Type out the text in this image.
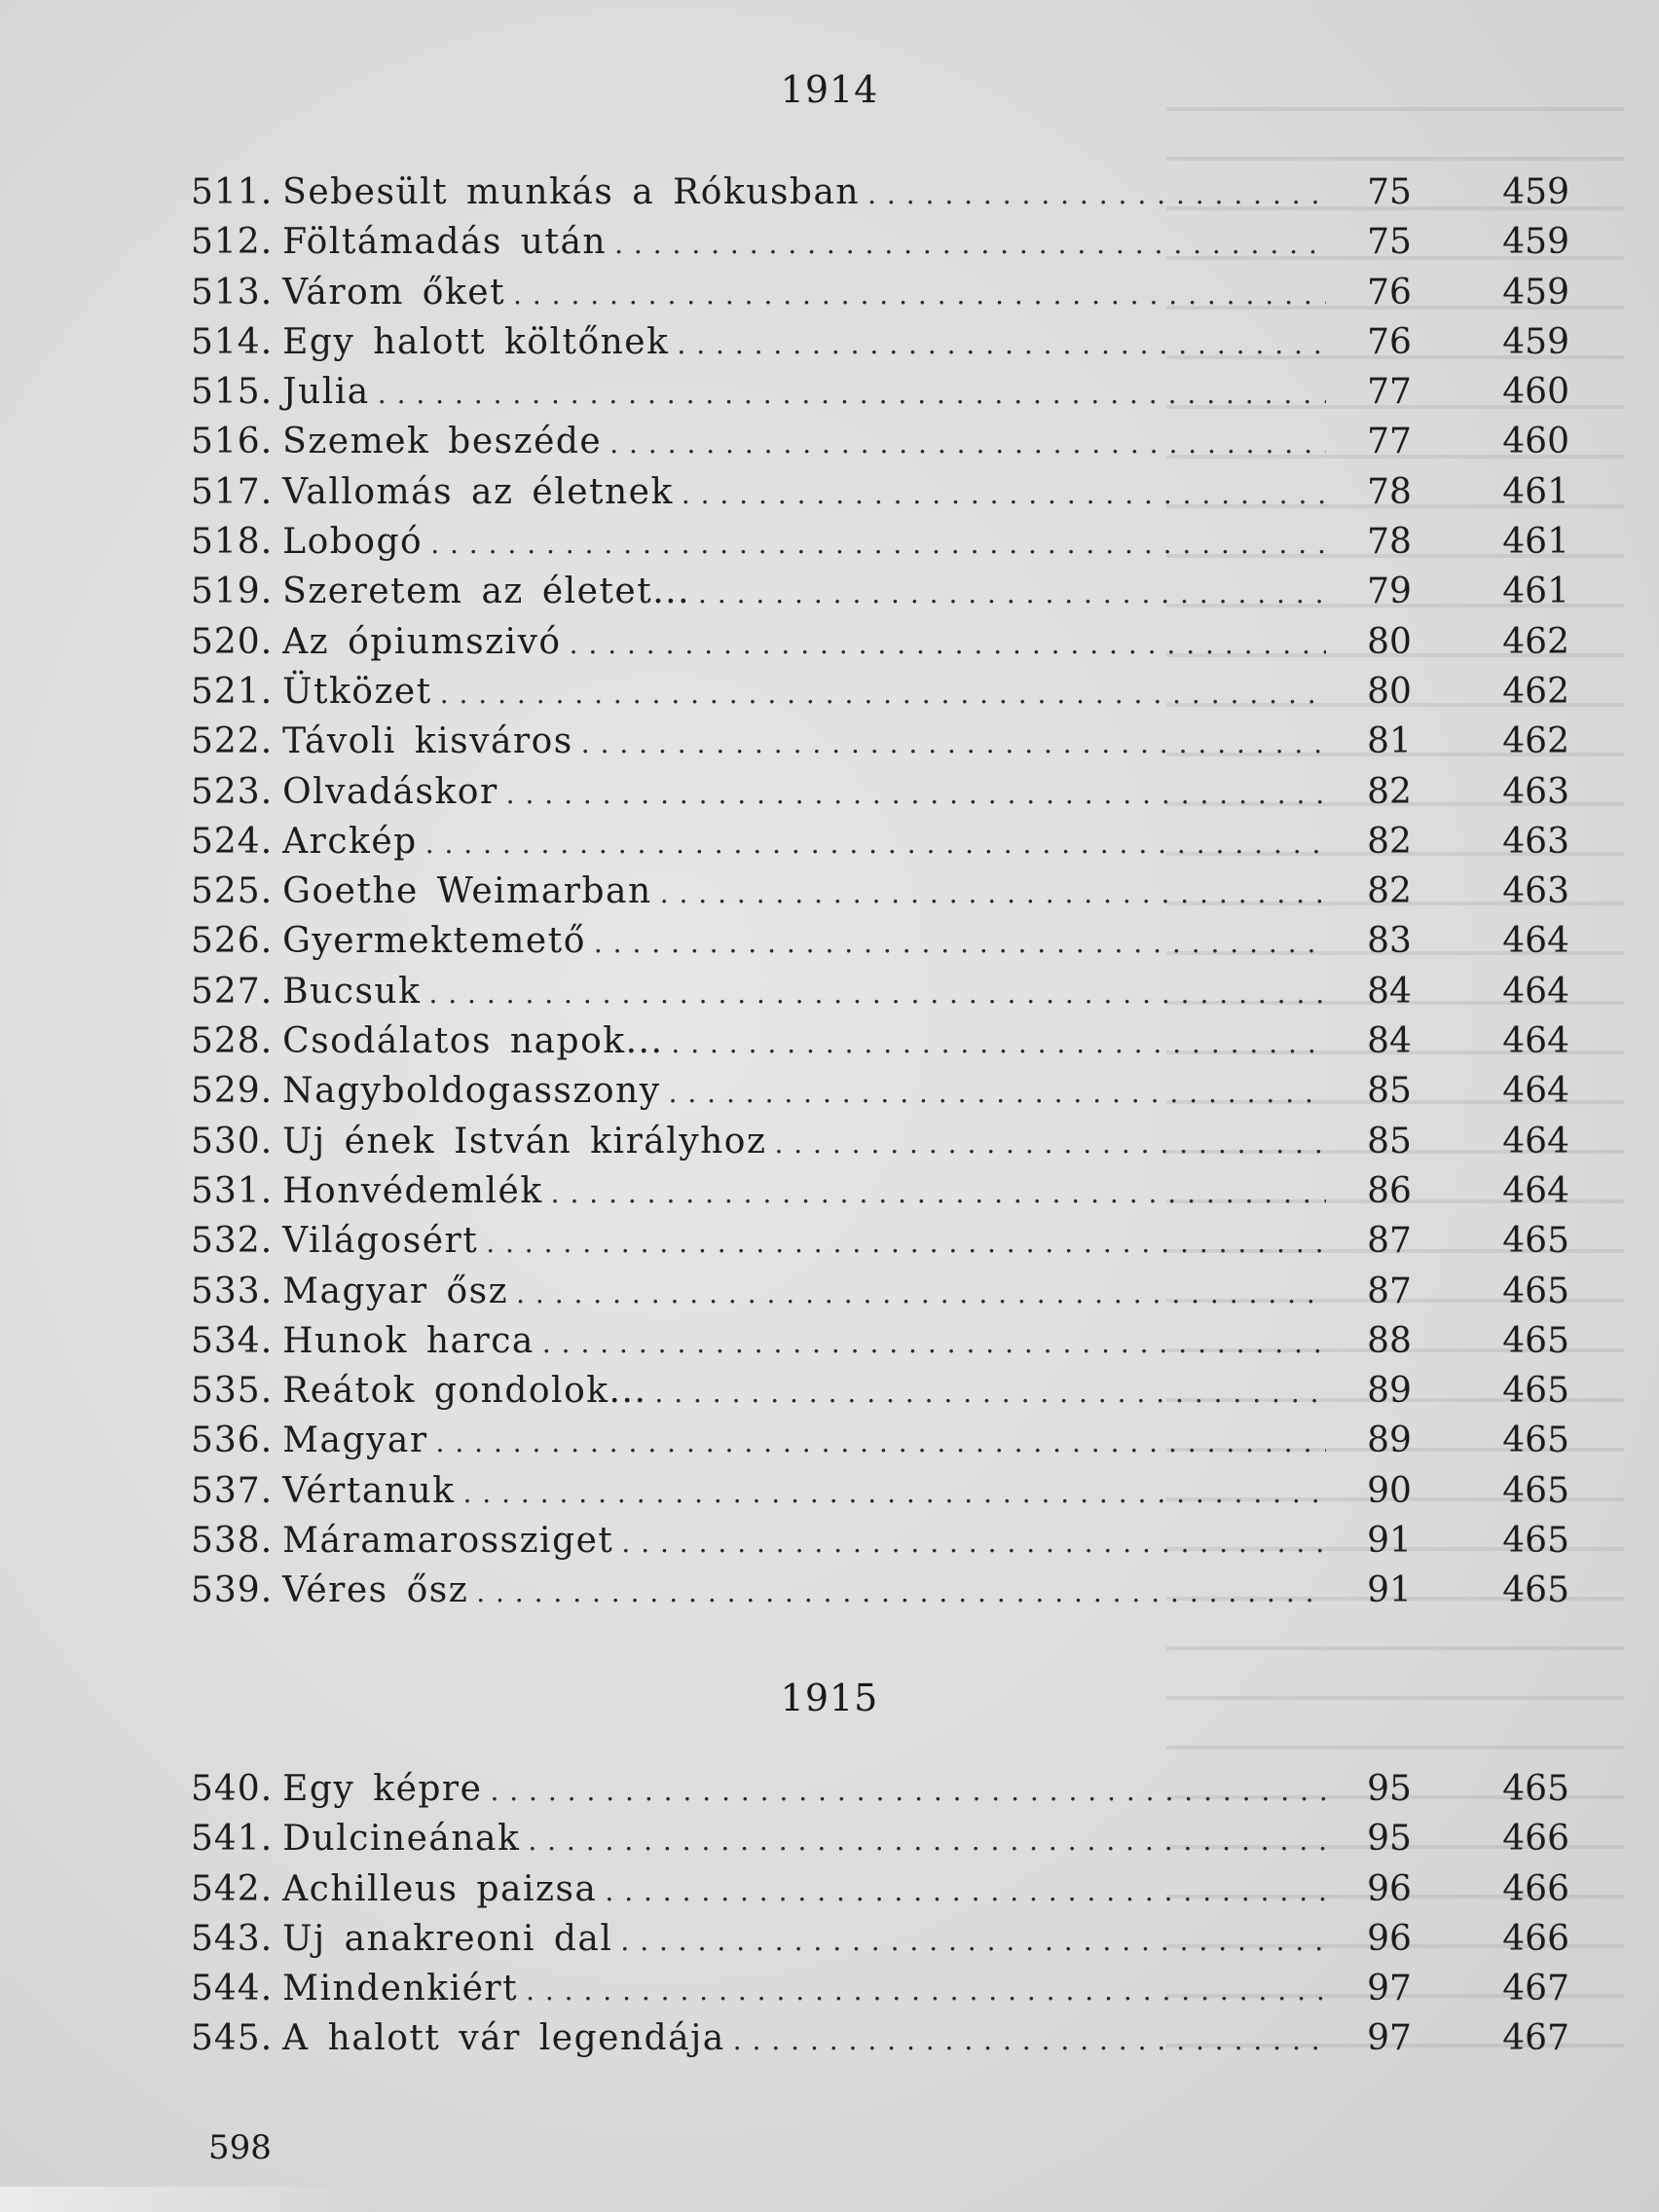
1914
511. Sebesült munkás a Rókusban . . .	75	459
512. Föltámadás után . . .	75	459
513. Várom őket . . .	76	459
514. Egy halott költőnek . . .	76	459
515. Julia . . .	77	460
516. Szemek beszéde . . .	77	460
517. Vallomás az életnek . . .	78	461
518. Lobogó . . .	78	461
519. Szeretem az életet... . . .	79	461
520. Az ópiumszivó . . .	80	462
521. Ütközet . . .	80	462
522. Távoli kisváros . . .	81	462
523. Olvadáskor . . .	82	463
524. Arckép . . .	82	463
525. Goethe Weimarban . . .	82	463
526. Gyermektemető . . .	83	464
527. Bucsuk . . .	84	464
528. Csodálatos napok... . . .	84	464
529. Nagyboldogasszony . . .	85	464
530. Uj ének István királyhoz . . .	85	464
531. Honvédemlék . . .	86	464
532. Világosért . . .	87	465
533. Magyar ősz . . .	87	465
534. Hunok harca . . .	88	465
535. Reátok gondolok... . . .	89	465
536. Magyar . . .	89	465
537. Vértanuk . . .	90	465
538. Máramarossziget . . .	91	465
539. Véres ősz . . .	91	465
1915
540. Egy képre . . .	95	465
541. Dulcineának . . .	95	466
542. Achilleus paizsa . . .	96	466
543. Uj anakreoni dal . . .	96	466
544. Mindenkiért . . .	97	467
545. A halott vár legendája . . .	97	467
598
